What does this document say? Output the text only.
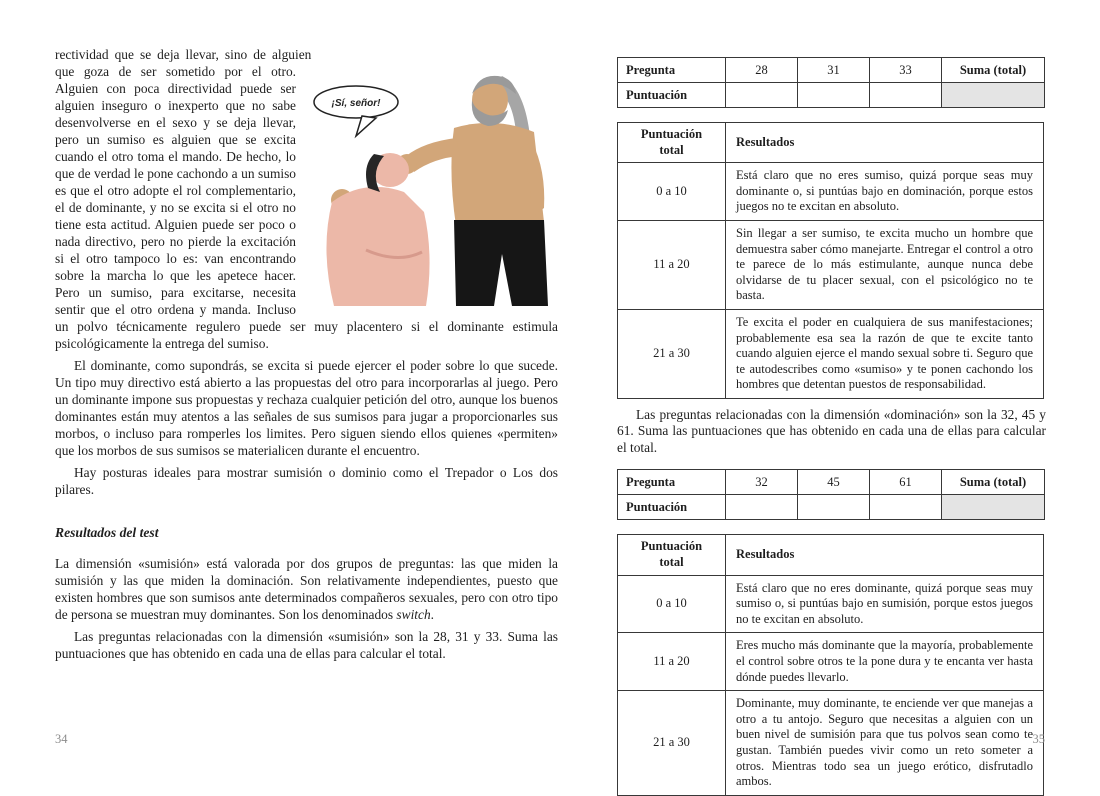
¡Sí, señor!

rectividad que se deja llevar, sino de alguien que goza de ser sometido por el otro. Alguien con poca directividad puede ser alguien inseguro o inexperto que no sabe desenvolverse en el sexo y se deja llevar, pero un sumiso es alguien que se excita cuando el otro toma el mando. De hecho, lo que de verdad le pone cachondo a un sumiso es que el otro adopte el rol complementario, el de dominante, y no se excita si el otro no tiene esta actitud. Alguien puede ser poco o nada directivo, pero no pierde la excitación si el otro tampoco lo es: van encontrando sobre la marcha lo que les apetece hacer. Pero un sumiso, para excitarse, necesita sentir que el otro ordena y manda. Incluso un polvo técnicamente regulero puede ser muy placentero si el dominante estimula psicológicamente la entrega del sumiso.

El dominante, como supondrás, se excita si puede ejercer el poder sobre lo que sucede. Un tipo muy directivo está abierto a las propuestas del otro para incorporarlas al juego. Pero un dominante impone sus propuestas y rechaza cualquier petición del otro, aunque los buenos dominantes están muy atentos a las señales de sus sumisos para jugar a proporcionarles sus morbos, o incluso para romperles los limites. Pero siguen siendo ellos quienes «permiten» que los morbos de sus sumisos se materialicen durante el encuentro.

Hay posturas ideales para mostrar sumisión o dominio como el Trepador o Los dos pilares.

Resultados del test

La dimensión «sumisión» está valorada por dos grupos de preguntas: las que miden la sumisión y las que miden la dominación. Son relativamente independientes, puesto que existen hombres que son sumisos ante determinados compañeros sexuales, pero con otro tipo de persona se muestran muy dominantes. Son los denominados switch.

Las preguntas relacionadas con la dimensión «sumisión» son la 28, 31 y 33. Suma las puntuaciones que has obtenido en cada una de ellas para calcular el total.

34
Pregunta	28	31	33	Suma (total)
Puntuación				
Puntuación total	Resultados
0 a 10	Está claro que no eres sumiso, quizá porque seas muy dominante o, si puntúas bajo en dominación, porque estos juegos no te excitan en absoluto.
11 a 20	Sin llegar a ser sumiso, te excita mucho un hombre que demuestra saber cómo manejarte. Entregar el control a otro te parece de lo más estimulante, aunque nunca debe olvidarse de tu placer sexual, con el psicológico no te basta.
21 a 30	Te excita el poder en cualquiera de sus manifestaciones; probablemente esa sea la razón de que te excite tanto cuando alguien ejerce el mando sexual sobre ti. Seguro que te autodescribes como «sumiso» y te ponen cachondo los hombres que detentan puestos de responsabilidad.

Las preguntas relacionadas con la dimensión «dominación» son la 32, 45 y 61. Suma las puntuaciones que has obtenido en cada una de ellas para calcular el total.

Pregunta	32	45	61	Suma (total)
Puntuación				
Puntuación total	Resultados
0 a 10	Está claro que no eres dominante, quizá porque seas muy sumiso o, si puntúas bajo en sumisión, porque estos juegos no te excitan en absoluto.
11 a 20	Eres mucho más dominante que la mayoría, probablemente el control sobre otros te la pone dura y te encanta ver hasta dónde puedes llevarlo.
21 a 30	Dominante, muy dominante, te enciende ver que manejas a otro a tu antojo. Seguro que necesitas a alguien con un buen nivel de sumisión para que tus polvos sean como te gustan. También puedes vivir como un reto someter a otros. Mientras todo sea un juego erótico, disfrutadlo ambos.
35
